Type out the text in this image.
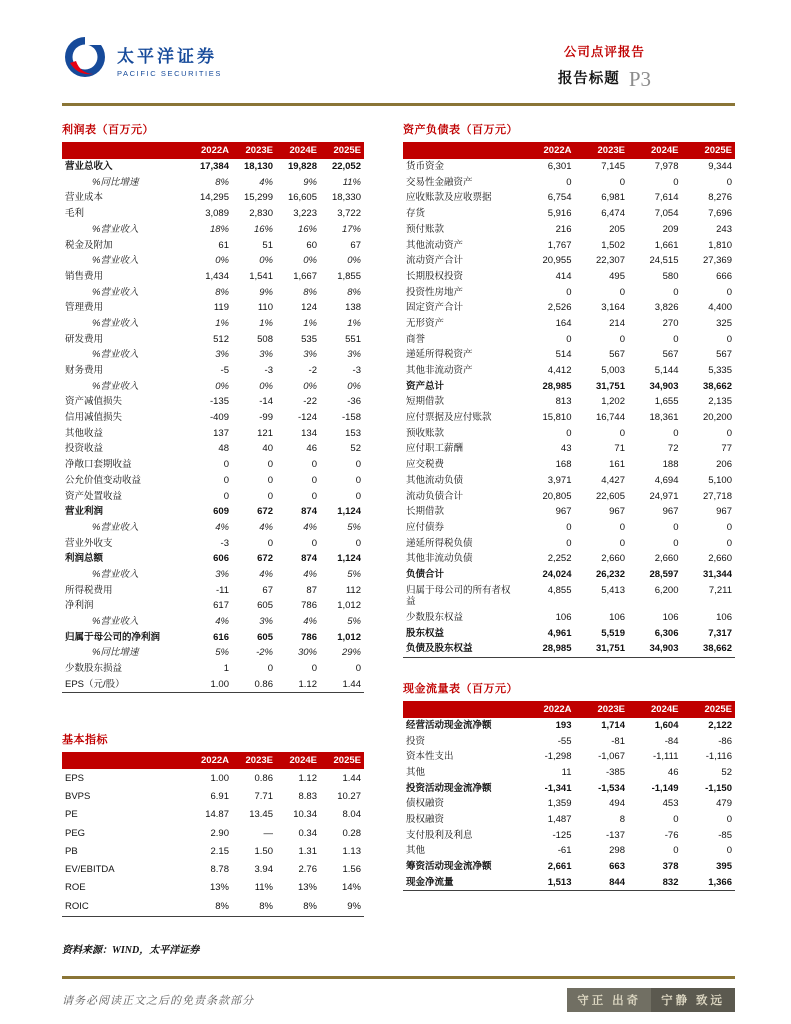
太平洋证券
PACIFIC SECURITIES
公司点评报告
报告标题 P3
利润表（百万元）
	2022A	2023E	2024E	2025E
营业总收入	17,384	18,130	19,828	22,052
%同比增速	8%	4%	9%	11%
营业成本	14,295	15,299	16,605	18,330
毛利	3,089	2,830	3,223	3,722
%营业收入	18%	16%	16%	17%
税金及附加	61	51	60	67
%营业收入	0%	0%	0%	0%
销售费用	1,434	1,541	1,667	1,855
%营业收入	8%	9%	8%	8%
管理费用	119	110	124	138
%营业收入	1%	1%	1%	1%
研发费用	512	508	535	551
%营业收入	3%	3%	3%	3%
财务费用	-5	-3	-2	-3
%营业收入	0%	0%	0%	0%
资产减值损失	-135	-14	-22	-36
信用减值损失	-409	-99	-124	-158
其他收益	137	121	134	153
投资收益	48	40	46	52
净敞口套期收益	0	0	0	0
公允价值变动收益	0	0	0	0
资产处置收益	0	0	0	0
营业利润	609	672	874	1,124
%营业收入	4%	4%	4%	5%
营业外收支	-3	0	0	0
利润总额	606	672	874	1,124
%营业收入	3%	4%	4%	5%
所得税费用	-11	67	87	112
净利润	617	605	786	1,012
%营业收入	4%	3%	4%	5%
归属于母公司的净利润	616	605	786	1,012
%同比增速	5%	-2%	30%	29%
少数股东损益	1	0	0	0
EPS（元/股）	1.00	0.86	1.12	1.44
基本指标
	2022A	2023E	2024E	2025E
EPS	1.00	0.86	1.12	1.44
BVPS	6.91	7.71	8.83	10.27
PE	14.87	13.45	10.34	8.04
PEG	2.90	—	0.34	0.28
PB	2.15	1.50	1.31	1.13
EV/EBITDA	8.78	3.94	2.76	1.56
ROE	13%	11%	13%	14%
ROIC	8%	8%	8%	9%
资料来源：WIND，太平洋证券
资产负债表（百万元）
	2022A	2023E	2024E	2025E
货币资金	6,301	7,145	7,978	9,344
交易性金融资产	0	0	0	0
应收账款及应收票据	6,754	6,981	7,614	8,276
存货	5,916	6,474	7,054	7,696
预付账款	216	205	209	243
其他流动资产	1,767	1,502	1,661	1,810
流动资产合计	20,955	22,307	24,515	27,369
长期股权投资	414	495	580	666
投资性房地产	0	0	0	0
固定资产合计	2,526	3,164	3,826	4,400
无形资产	164	214	270	325
商誉	0	0	0	0
递延所得税资产	514	567	567	567
其他非流动资产	4,412	5,003	5,144	5,335
资产总计	28,985	31,751	34,903	38,662
短期借款	813	1,202	1,655	2,135
应付票据及应付账款	15,810	16,744	18,361	20,200
预收账款	0	0	0	0
应付职工薪酬	43	71	72	77
应交税费	168	161	188	206
其他流动负债	3,971	4,427	4,694	5,100
流动负债合计	20,805	22,605	24,971	27,718
长期借款	967	967	967	967
应付债券	0	0	0	0
递延所得税负债	0	0	0	0
其他非流动负债	2,252	2,660	2,660	2,660
负债合计	24,024	26,232	28,597	31,344
归属于母公司的所有者权益	4,855	5,413	6,200	7,211
少数股东权益	106	106	106	106
股东权益	4,961	5,519	6,306	7,317
负债及股东权益	28,985	31,751	34,903	38,662
现金流量表（百万元）
	2022A	2023E	2024E	2025E
经营活动现金流净额	193	1,714	1,604	2,122
投资	-55	-81	-84	-86
资本性支出	-1,298	-1,067	-1,111	-1,116
其他	11	-385	46	52
投资活动现金流净额	-1,341	-1,534	-1,149	-1,150
债权融资	1,359	494	453	479
股权融资	1,487	8	0	0
支付股利及利息	-125	-137	-76	-85
其他	-61	298	0	0
筹资活动现金流净额	2,661	663	378	395
现金净流量	1,513	844	832	1,366
请务必阅读正文之后的免责条款部分	守正 出奇	宁静 致远
